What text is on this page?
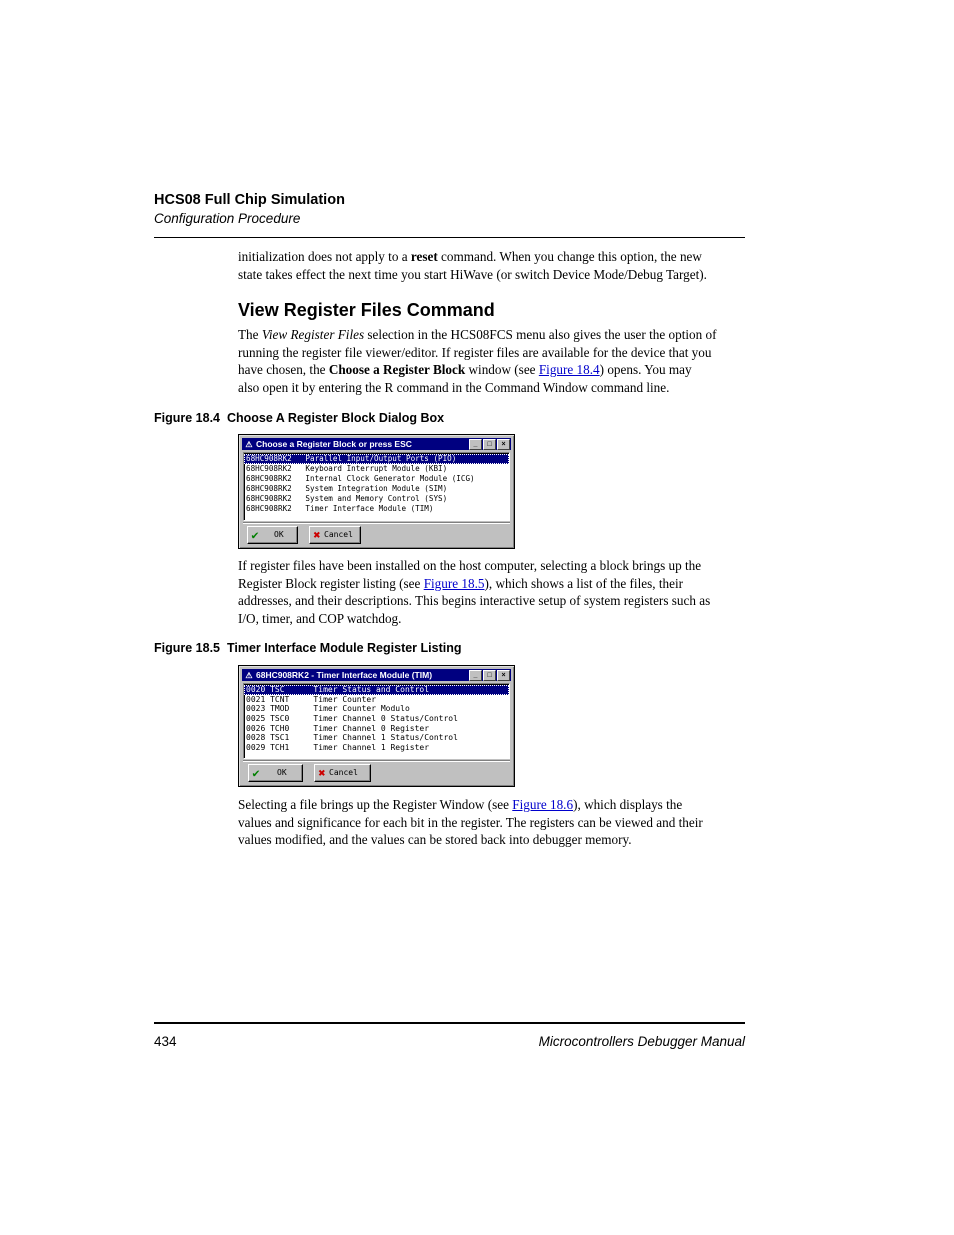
HCS08 Full Chip Simulation
Configuration Procedure
initialization does not apply to a reset command. When you change this option, the new
state takes effect the next time you start HiWave (or switch Device Mode/Debug Target).
View Register Files Command
The View Register Files selection in the HCS08FCS menu also gives the user the option of
running the register file viewer/editor. If register files are available for the device that you
have chosen, the Choose a Register Block window (see Figure 18.4) opens. You may
also open it by entering the R command in the Command Window command line.
Figure 18.4  Choose A Register Block Dialog Box
⚠ Choose a Register Block or press ESC	_ □ ×
68HC908RK2   Parallel Input/Output Ports (PIO)
68HC908RK2   Keyboard Interrupt Module (KBI)
68HC908RK2   Internal Clock Generator Module (ICG)
68HC908RK2   System Integration Module (SIM)
68HC908RK2   System and Memory Control (SYS)
68HC908RK2   Timer Interface Module (TIM)
✔ OK	✖ Cancel
If register files have been installed on the host computer, selecting a block brings up the
Register Block register listing (see Figure 18.5), which shows a list of the files, their
addresses, and their descriptions. This begins interactive setup of system registers such as
I/O, timer, and COP watchdog.
Figure 18.5  Timer Interface Module Register Listing
⚠ 68HC908RK2 - Timer Interface Module (TIM)	_ □ ×
0020 TSC      Timer Status and Control
0021 TCNT     Timer Counter
0023 TMOD     Timer Counter Modulo
0025 TSC0     Timer Channel 0 Status/Control
0026 TCH0     Timer Channel 0 Register
0028 TSC1     Timer Channel 1 Status/Control
0029 TCH1     Timer Channel 1 Register
✔ OK	✖ Cancel
Selecting a file brings up the Register Window (see Figure 18.6), which displays the
values and significance for each bit in the register. The registers can be viewed and their
values modified, and the values can be stored back into debugger memory.
434	Microcontrollers Debugger Manual
